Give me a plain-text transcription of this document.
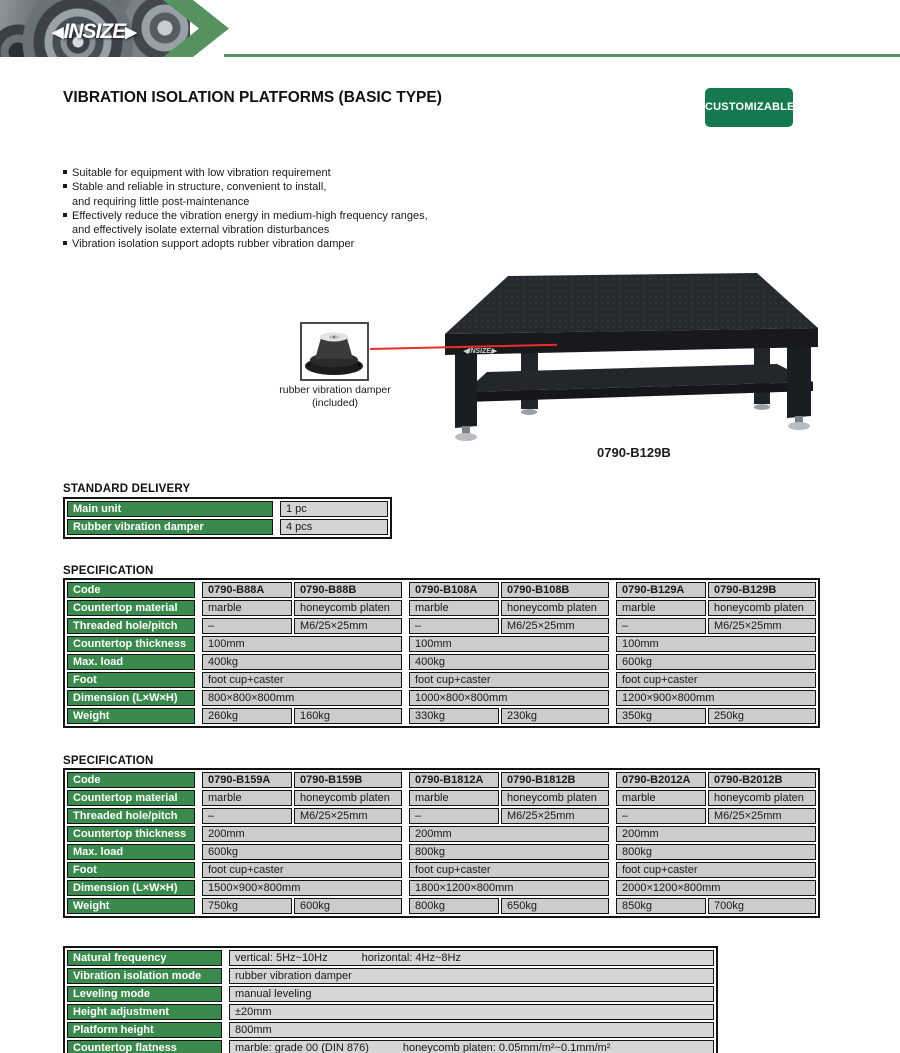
◀INSIZE▶
VIBRATION ISOLATION PLATFORMS (BASIC TYPE)
CUSTOMIZABLE
Suitable for equipment with low vibration requirement
Stable and reliable in structure, convenient to install,
and requiring little post-maintenance
Effectively reduce the vibration energy in medium-high frequency ranges,
and effectively isolate external vibration disturbances
Vibration isolation support adopts rubber vibration damper
◀INSIZE▶
rubber vibration damper
(included)
0790-B129B
STANDARD DELIVERY
Main unit		1 pc
Rubber vibration damper		4 pcs
SPECIFICATION
Code		0790-B88A	0790-B88B		0790-B108A	0790-B108B		0790-B129A	0790-B129B
Countertop material		marble	honeycomb platen		marble	honeycomb platen		marble	honeycomb platen
Threaded hole/pitch		–	M6/25×25mm		–	M6/25×25mm		–	M6/25×25mm
Countertop thickness		100mm			100mm			100mm	
Max. load		400kg			400kg			600kg	
Foot		foot cup+caster			foot cup+caster			foot cup+caster	
Dimension (L×W×H)		800×800×800mm			1000×800×800mm			1200×900×800mm	
Weight		260kg	160kg		330kg	230kg		350kg	250kg
SPECIFICATION
Code		0790-B159A	0790-B159B		0790-B1812A	0790-B1812B		0790-B2012A	0790-B2012B
Countertop material		marble	honeycomb platen		marble	honeycomb platen		marble	honeycomb platen
Threaded hole/pitch		–	M6/25×25mm		–	M6/25×25mm		–	M6/25×25mm
Countertop thickness		200mm			200mm			200mm	
Max. load		600kg			800kg			800kg	
Foot		foot cup+caster			foot cup+caster			foot cup+caster	
Dimension (L×W×H)		1500×900×800mm			1800×1200×800mm			2000×1200×800mm	
Weight		750kg	600kg		800kg	650kg		850kg	700kg
Natural frequency		vertical: 5Hz~10Hz horizontal: 4Hz~8Hz
Vibration isolation mode		rubber vibration damper
Leveling mode		manual leveling
Height adjustment		±20mm
Platform height		800mm
Countertop flatness		marble: grade 00 (DIN 876) honeycomb platen: 0.05mm/m²~0.1mm/m²
